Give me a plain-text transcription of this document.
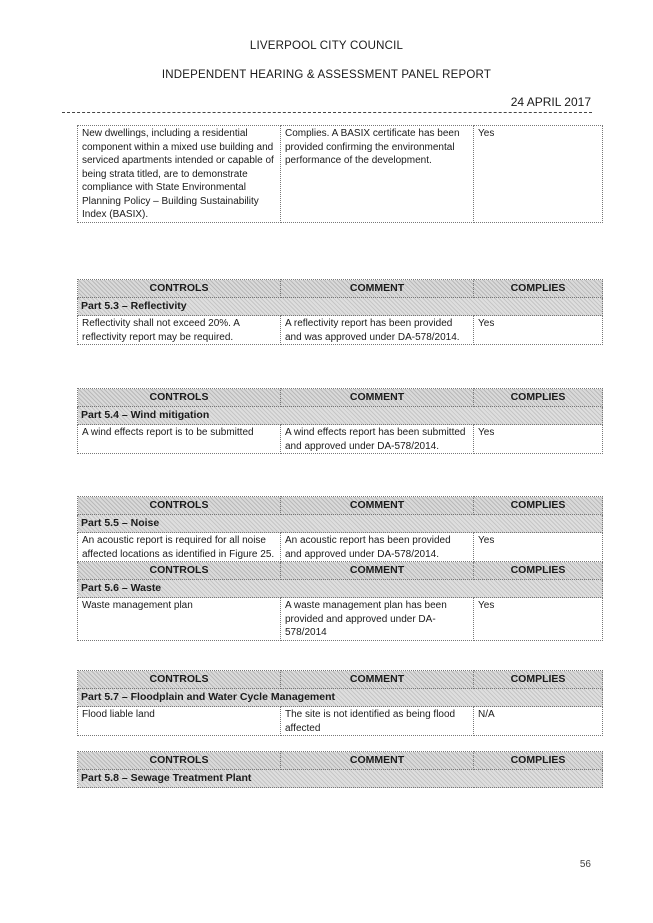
LIVERPOOL CITY COUNCIL
INDEPENDENT HEARING & ASSESSMENT PANEL REPORT
24 APRIL 2017
New dwellings, including a residential component within a mixed use building and serviced apartments intended or capable of being strata titled, are to demonstrate compliance with State Environmental Planning Policy – Building Sustainability Index (BASIX).	Complies. A BASIX certificate has been provided confirming the environmental performance of the development.	Yes
CONTROLS	COMMENT	COMPLIES
Part 5.3 – Reflectivity		
Reflectivity shall not exceed 20%. A reflectivity report may be required.	A reflectivity report has been provided and was approved under DA-578/2014.	Yes
CONTROLS	COMMENT	COMPLIES
Part 5.4 – Wind mitigation		
A wind effects report is to be submitted	A wind effects report has been submitted and approved under DA-578/2014.	Yes
CONTROLS	COMMENT	COMPLIES
Part 5.5 – Noise		
An acoustic report is required for all noise affected locations as identified in Figure 25.	An acoustic report has been provided and approved under DA-578/2014.	Yes
CONTROLS	COMMENT	COMPLIES
Part 5.6 – Waste		
Waste management plan	A waste management plan has been provided and approved under DA-578/2014	Yes
CONTROLS	COMMENT	COMPLIES
Part 5.7 – Floodplain and Water Cycle Management		
Flood liable land	The site is not identified as being flood affected	N/A
CONTROLS	COMMENT	COMPLIES
Part 5.8 – Sewage Treatment Plant
56
